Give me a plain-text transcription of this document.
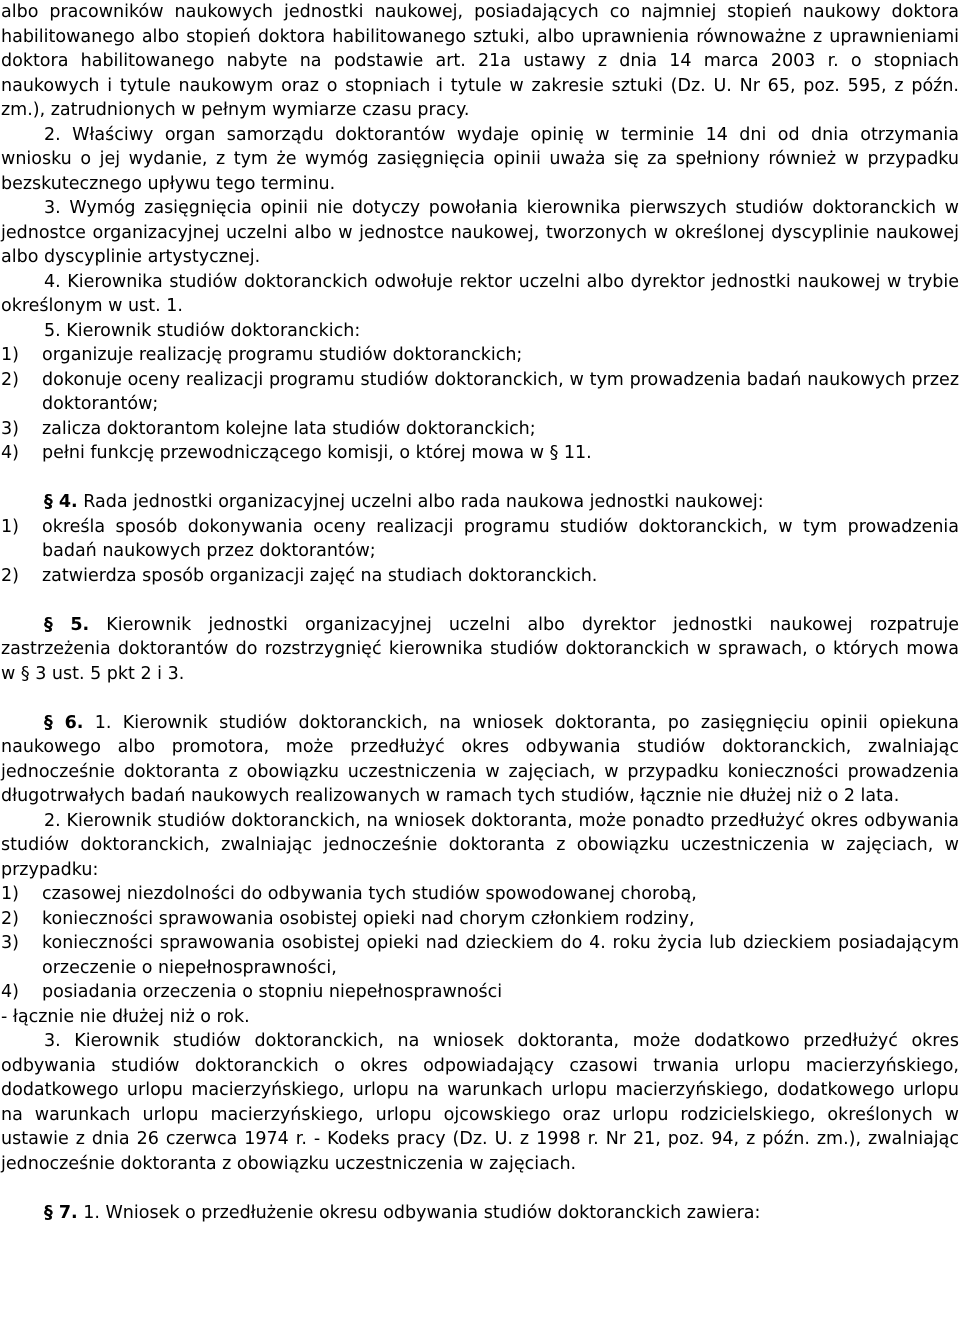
albo pracowników naukowych jednostki naukowej, posiadających co najmniej stopień naukowy doktora habilitowanego albo stopień doktora habilitowanego sztuki, albo uprawnienia równoważne z uprawnieniami doktora habilitowanego nabyte na podstawie art. 21a ustawy z dnia 14 marca 2003 r. o stopniach naukowych i tytule naukowym oraz o stopniach i tytule w zakresie sztuki (Dz. U. Nr 65, poz. 595, z późn. zm.), zatrudnionych w pełnym wymiarze czasu pracy.

2. Właściwy organ samorządu doktorantów wydaje opinię w terminie 14 dni od dnia otrzymania wniosku o jej wydanie, z tym że wymóg zasięgnięcia opinii uważa się za spełniony również w przypadku bezskutecznego upływu tego terminu.

3. Wymóg zasięgnięcia opinii nie dotyczy powołania kierownika pierwszych studiów doktoranckich w jednostce organizacyjnej uczelni albo w jednostce naukowej, tworzonych w określonej dyscyplinie naukowej albo dyscyplinie artystycznej.

4. Kierownika studiów doktoranckich odwołuje rektor uczelni albo dyrektor jednostki naukowej w trybie określonym w ust. 1.

5. Kierownik studiów doktoranckich:

1)	organizuje realizację programu studiów doktoranckich;
2)	dokonuje oceny realizacji programu studiów doktoranckich, w tym prowadzenia badań naukowych przez doktorantów;
3)	zalicza doktorantom kolejne lata studiów doktoranckich;
4)	pełni funkcję przewodniczącego komisji, o której mowa w § 11.

§ 4. Rada jednostki organizacyjnej uczelni albo rada naukowa jednostki naukowej:

1)	określa sposób dokonywania oceny realizacji programu studiów doktoranckich, w tym prowadzenia badań naukowych przez doktorantów;
2)	zatwierdza sposób organizacji zajęć na studiach doktoranckich.

§ 5. Kierownik jednostki organizacyjnej uczelni albo dyrektor jednostki naukowej rozpatruje zastrzeżenia doktorantów do rozstrzygnięć kierownika studiów doktoranckich w sprawach, o których mowa w § 3 ust. 5 pkt 2 i 3.

§ 6. 1. Kierownik studiów doktoranckich, na wniosek doktoranta, po zasięgnięciu opinii opiekuna naukowego albo promotora, może przedłużyć okres odbywania studiów doktoranckich, zwalniając jednocześnie doktoranta z obowiązku uczestniczenia w zajęciach, w przypadku konieczności prowadzenia długotrwałych badań naukowych realizowanych w ramach tych studiów, łącznie nie dłużej niż o 2 lata.

2. Kierownik studiów doktoranckich, na wniosek doktoranta, może ponadto przedłużyć okres odbywania studiów doktoranckich, zwalniając jednocześnie doktoranta z obowiązku uczestniczenia w zajęciach, w przypadku:

1)	czasowej niezdolności do odbywania tych studiów spowodowanej chorobą,
2)	konieczności sprawowania osobistej opieki nad chorym członkiem rodziny,
3)	konieczności sprawowania osobistej opieki nad dzieckiem do 4. roku życia lub dzieckiem posiadającym orzeczenie o niepełnosprawności,
4)	posiadania orzeczenia o stopniu niepełnosprawności

- łącznie nie dłużej niż o rok.

3. Kierownik studiów doktoranckich, na wniosek doktoranta, może dodatkowo przedłużyć okres odbywania studiów doktoranckich o okres odpowiadający czasowi trwania urlopu macierzyńskiego, dodatkowego urlopu macierzyńskiego, urlopu na warunkach urlopu macierzyńskiego, dodatkowego urlopu na warunkach urlopu macierzyńskiego, urlopu ojcowskiego oraz urlopu rodzicielskiego, określonych w ustawie z dnia 26 czerwca 1974 r. - Kodeks pracy (Dz. U. z 1998 r. Nr 21, poz. 94, z późn. zm.), zwalniając jednocześnie doktoranta z obowiązku uczestniczenia w zajęciach.

§ 7. 1. Wniosek o przedłużenie okresu odbywania studiów doktoranckich zawiera:
